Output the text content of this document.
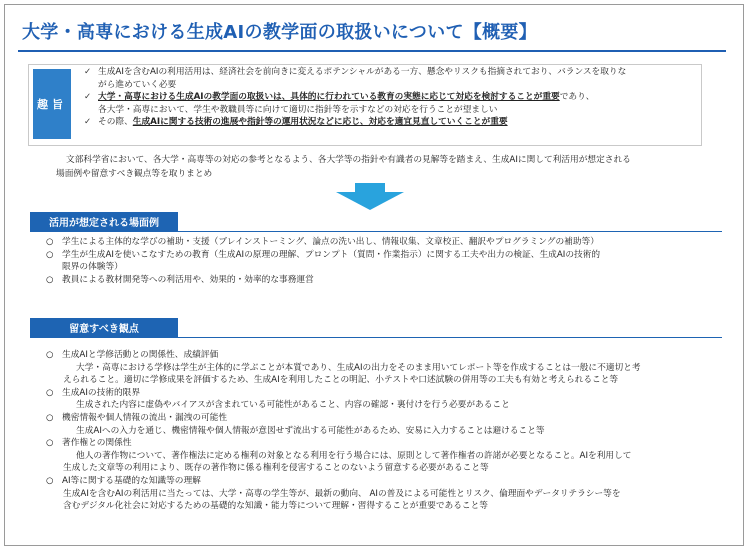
大学・高専における生成AIの教学面の取扱いについて【概要】
趣旨
✓ 生成AIを含むAIの利用活用は、経済社会を前向きに変えるポテンシャルがある一方、懸念やリスクも指摘されており、バランスを取りな
がら進めていく必要
✓ 大学・高専における生成AIの教学面の取扱いは、具体的に行われている教育の実態に応じて対応を検討することが重要であり、
各大学・高専において、学生や教職員等に向けて適切に指針等を示すなどの対応を行うことが望ましい
✓ その際、生成AIに関する技術の進展や指針等の運用状況などに応じ、対応を適宜見直していくことが重要
文部科学省において、各大学・高専等の対応の参考となるよう、各大学等の指針や有識者の見解等を踏まえ、生成AIに関して利活用が想定される
場面例や留意すべき観点等を取りまとめ
活用が想定される場面例
○ 学生による主体的な学びの補助・支援（ブレインストーミング、論点の洗い出し、情報収集、文章校正、翻訳やプログラミングの補助等）
○ 学生が生成AIを使いこなすための教育（生成AIの原理の理解、プロンプト（質問・作業指示）に関する工夫や出力の検証、生成AIの技術的
限界の体験等）
○ 教員による教材開発等への利活用や、効果的・効率的な事務運営
留意すべき観点
○ 生成AIと学修活動との関係性、成績評価
大学・高専における学修は学生が主体的に学ぶことが本質であり、生成AIの出力をそのまま用いてレポート等を作成することは一般に不適切と考
えられること。適切に学修成果を評価するため、生成AIを利用したことの明記、小テストや口述試験の併用等の工夫も有効と考えられること等
○ 生成AIの技術的限界
生成された内容に虚偽やバイアスが含まれている可能性があること、内容の確認・裏付けを行う必要があること
○ 機密情報や個人情報の流出・漏洩の可能性
生成AIへの入力を通じ、機密情報や個人情報が意図せず流出する可能性があるため、安易に入力することは避けること等
○ 著作権との関係性
他人の著作物について、著作権法に定める権利の対象となる利用を行う場合には、原則として著作権者の許諾が必要となること。AIを利用して
生成した文章等の利用により、既存の著作物に係る権利を侵害することのないよう留意する必要があること等
○ AI等に関する基礎的な知識等の理解
生成AIを含むAIの利活用に当たっては、大学・高専の学生等が、最新の動向、 AIの普及による可能性とリスク、倫理面やデータリテラシー等を
含むデジタル化社会に対応するための基礎的な知識・能力等について理解・習得することが重要であること等
